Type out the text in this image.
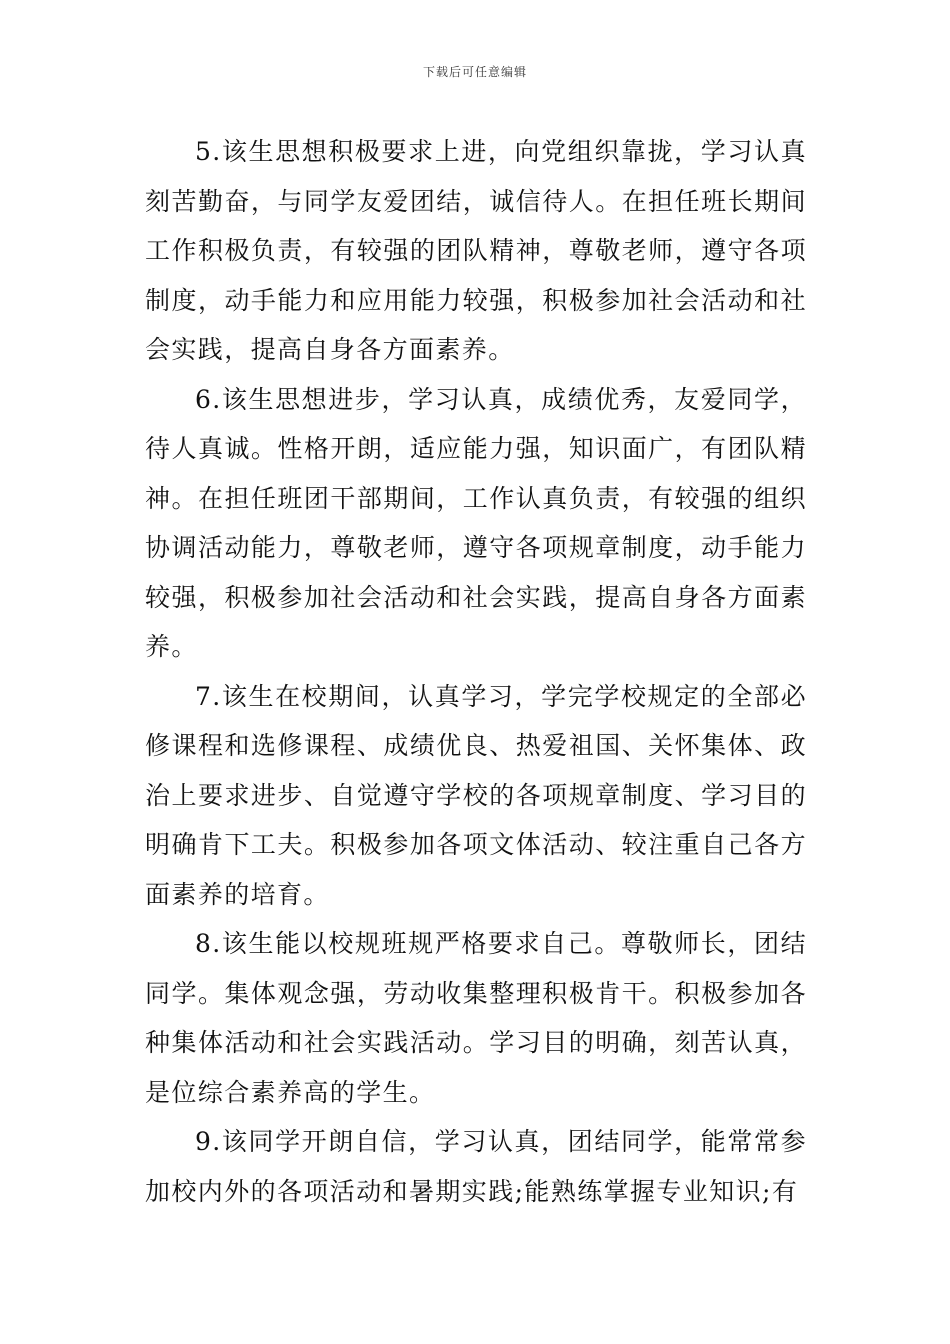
下载后可任意编辑

5.该生思想积极要求上进，向党组织靠拢，学习认真刻苦勤奋，与同学友爱团结，诚信待人。在担任班长期间工作积极负责，有较强的团队精神，尊敬老师，遵守各项制度，动手能力和应用能力较强，积极参加社会活动和社会实践，提高自身各方面素养。

6.该生思想进步，学习认真，成绩优秀，友爱同学，待人真诚。性格开朗，适应能力强，知识面广，有团队精神。在担任班团干部期间，工作认真负责，有较强的组织协调活动能力，尊敬老师，遵守各项规章制度，动手能力较强，积极参加社会活动和社会实践，提高自身各方面素养。

7.该生在校期间，认真学习，学完学校规定的全部必修课程和选修课程、成绩优良、热爱祖国、关怀集体、政治上要求进步、自觉遵守学校的各项规章制度、学习目的明确肯下工夫。积极参加各项文体活动、较注重自己各方面素养的培育。

8.该生能以校规班规严格要求自己。尊敬师长，团结同学。集体观念强，劳动收集整理积极肯干。积极参加各种集体活动和社会实践活动。学习目的明确，刻苦认真，是位综合素养高的学生。

9.该同学开朗自信，学习认真，团结同学，能常常参加校内外的各项活动和暑期实践;能熟练掌握专业知识;有
